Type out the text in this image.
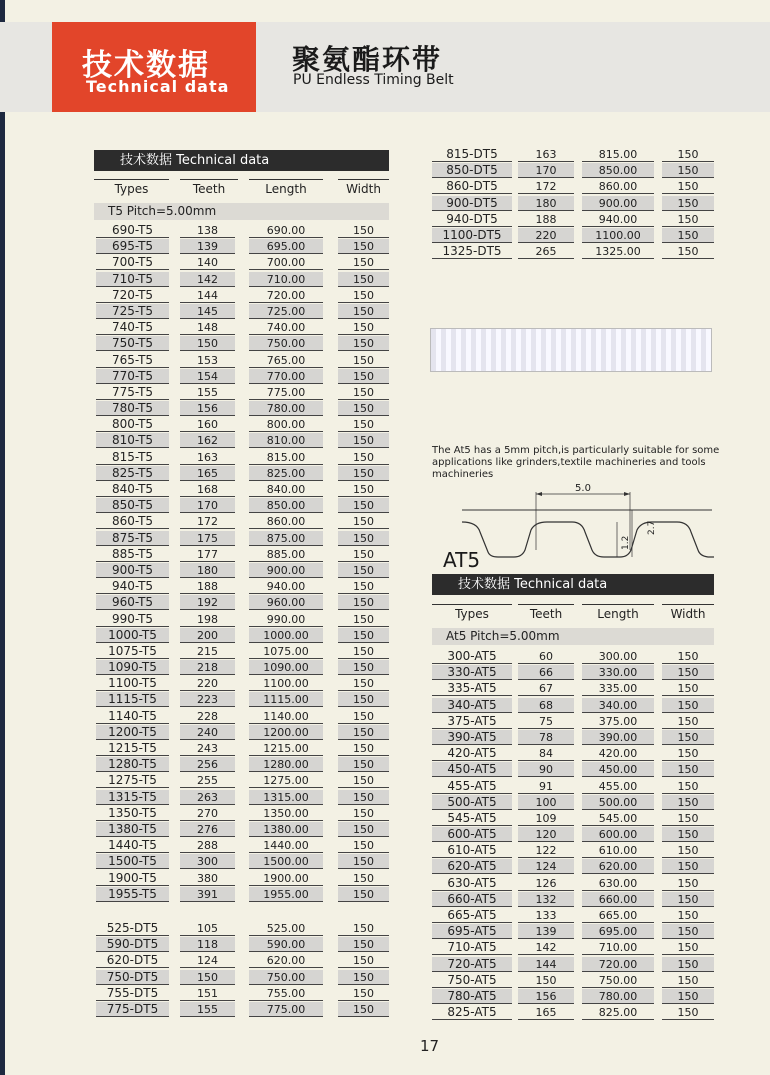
技术数据
Technical data
聚氨酯环带
PU Endless Timing Belt
技术数据 Technical data
Types	Teeth	Length	Width
T5 Pitch=5.00mm
690-T5	138	690.00	150
695-T5	139	695.00	150
700-T5	140	700.00	150
710-T5	142	710.00	150
720-T5	144	720.00	150
725-T5	145	725.00	150
740-T5	148	740.00	150
750-T5	150	750.00	150
765-T5	153	765.00	150
770-T5	154	770.00	150
775-T5	155	775.00	150
780-T5	156	780.00	150
800-T5	160	800.00	150
810-T5	162	810.00	150
815-T5	163	815.00	150
825-T5	165	825.00	150
840-T5	168	840.00	150
850-T5	170	850.00	150
860-T5	172	860.00	150
875-T5	175	875.00	150
885-T5	177	885.00	150
900-T5	180	900.00	150
940-T5	188	940.00	150
960-T5	192	960.00	150
990-T5	198	990.00	150
1000-T5	200	1000.00	150
1075-T5	215	1075.00	150
1090-T5	218	1090.00	150
1100-T5	220	1100.00	150
1115-T5	223	1115.00	150
1140-T5	228	1140.00	150
1200-T5	240	1200.00	150
1215-T5	243	1215.00	150
1280-T5	256	1280.00	150
1275-T5	255	1275.00	150
1315-T5	263	1315.00	150
1350-T5	270	1350.00	150
1380-T5	276	1380.00	150
1440-T5	288	1440.00	150
1500-T5	300	1500.00	150
1900-T5	380	1900.00	150
1955-T5	391	1955.00	150
525-DT5	105	525.00	150
590-DT5	118	590.00	150
620-DT5	124	620.00	150
750-DT5	150	750.00	150
755-DT5	151	755.00	150
775-DT5	155	775.00	150
815-DT5	163	815.00	150
850-DT5	170	850.00	150
860-DT5	172	860.00	150
900-DT5	180	900.00	150
940-DT5	188	940.00	150
1100-DT5	220	1100.00	150
1325-DT5	265	1325.00	150
The At5 has a 5mm pitch,is particularly suitable for some applications like grinders,textile machineries and tools machineries
5.0
2.7
1.2
AT5
技术数据 Technical data
Types	Teeth	Length	Width
At5 Pitch=5.00mm
300-AT5	60	300.00	150
330-AT5	66	330.00	150
335-AT5	67	335.00	150
340-AT5	68	340.00	150
375-AT5	75	375.00	150
390-AT5	78	390.00	150
420-AT5	84	420.00	150
450-AT5	90	450.00	150
455-AT5	91	455.00	150
500-AT5	100	500.00	150
545-AT5	109	545.00	150
600-AT5	120	600.00	150
610-AT5	122	610.00	150
620-AT5	124	620.00	150
630-AT5	126	630.00	150
660-AT5	132	660.00	150
665-AT5	133	665.00	150
695-AT5	139	695.00	150
710-AT5	142	710.00	150
720-AT5	144	720.00	150
750-AT5	150	750.00	150
780-AT5	156	780.00	150
825-AT5	165	825.00	150
17
